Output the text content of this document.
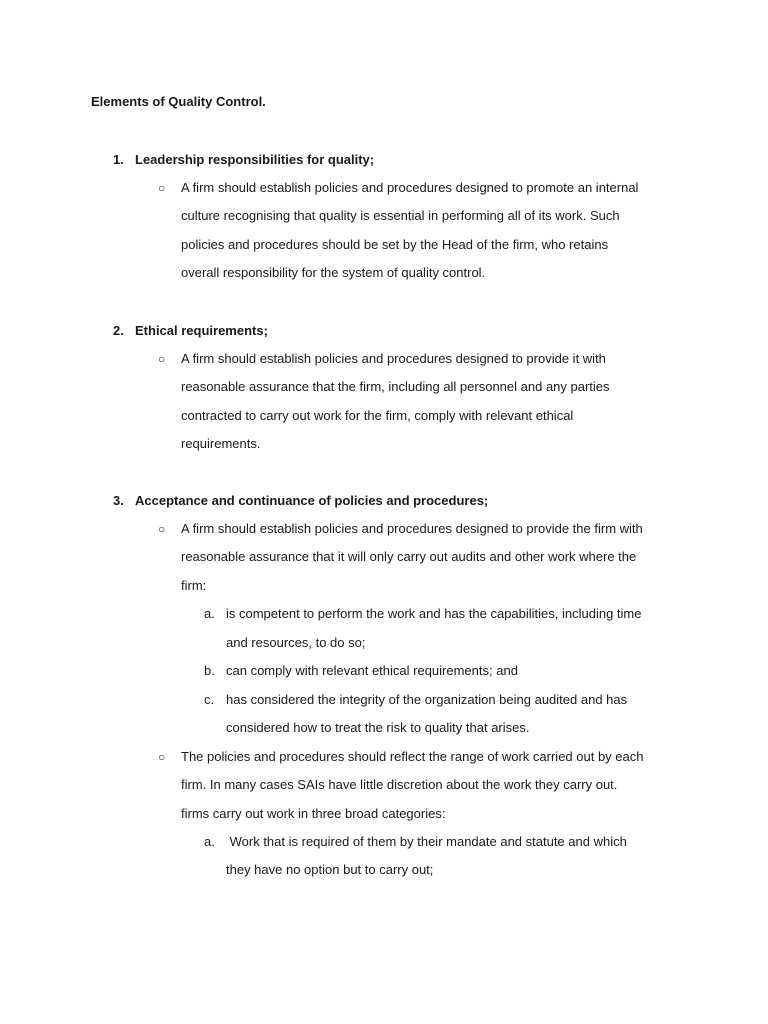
Elements of Quality Control.
1. Leadership responsibilities for quality;
○ A firm should establish policies and procedures designed to promote an internal
culture recognising that quality is essential in performing all of its work. Such
policies and procedures should be set by the Head of the firm, who retains
overall responsibility for the system of quality control.
2. Ethical requirements;
○ A firm should establish policies and procedures designed to provide it with
reasonable assurance that the firm, including all personnel and any parties
contracted to carry out work for the firm, comply with relevant ethical
requirements.
3. Acceptance and continuance of policies and procedures;
○ A firm should establish policies and procedures designed to provide the firm with
reasonable assurance that it will only carry out audits and other work where the
firm:
a. is competent to perform the work and has the capabilities, including time
and resources, to do so;
b. can comply with relevant ethical requirements; and
c. has considered the integrity of the organization being audited and has
considered how to treat the risk to quality that arises.
○ The policies and procedures should reflect the range of work carried out by each
firm. In many cases SAIs have little discretion about the work they carry out.
firms carry out work in three broad categories:
a. Work that is required of them by their mandate and statute and which
they have no option but to carry out;
